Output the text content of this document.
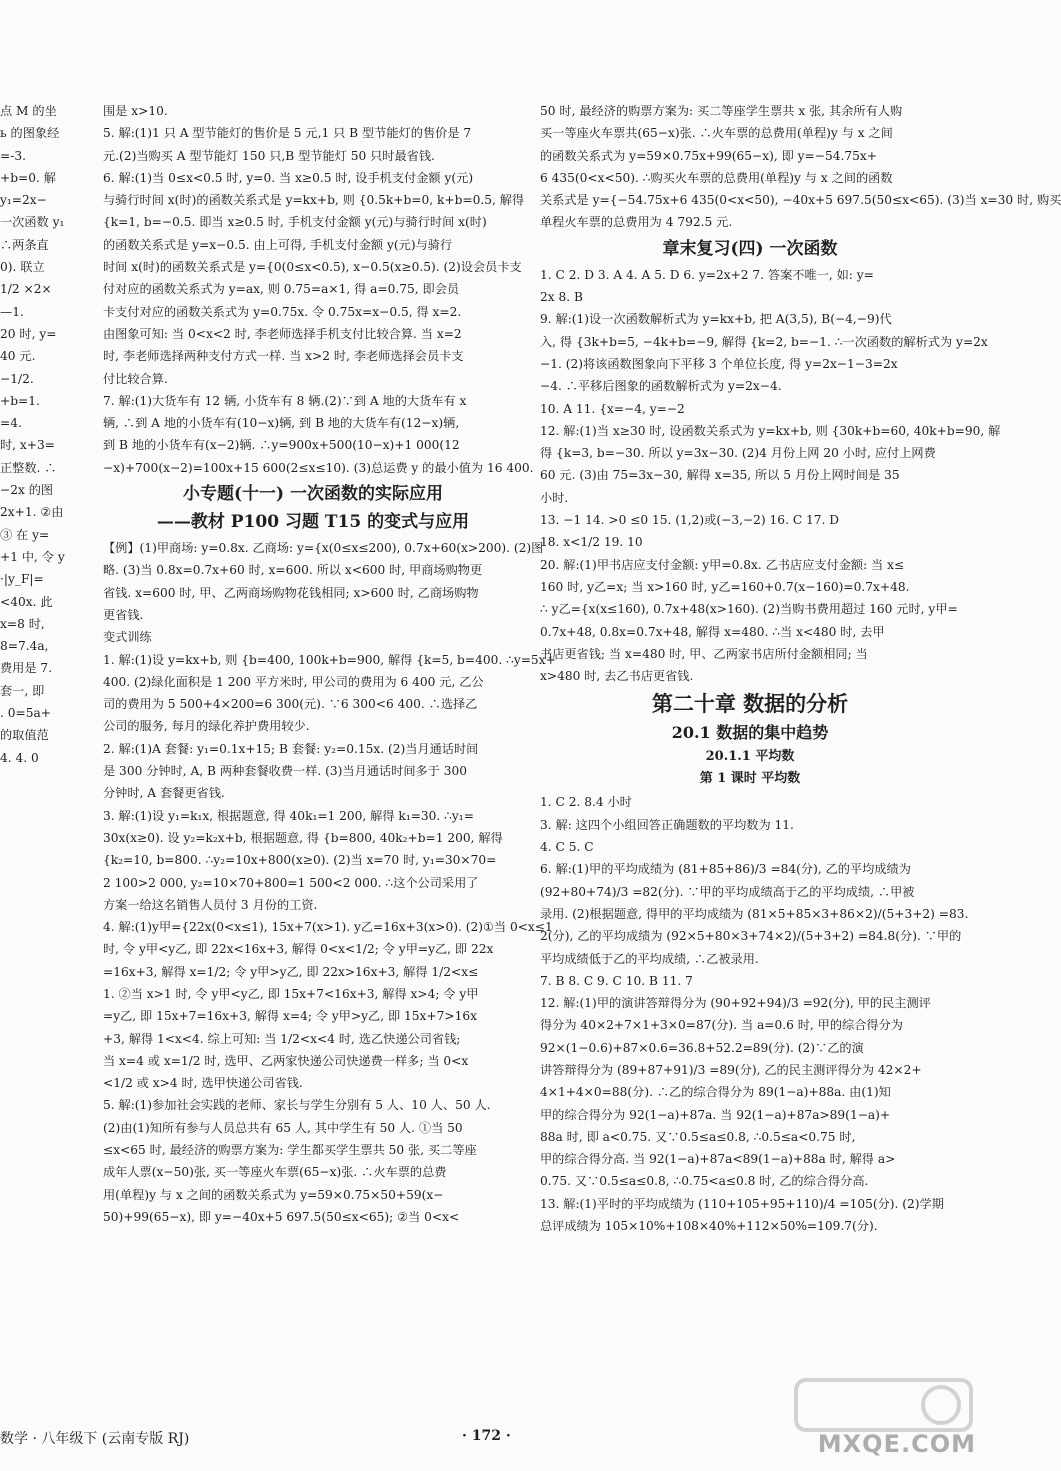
点 M 的坐

ь 的图象经

=-3.

+b=0. 解

y₁=2x−

一次函数 y₁

∴两条直

0). 联立

1/2 ×2×

—1.

20 时, y=

40 元.

−1/2.

+b=1.

=4.

时, x+3=

正整数. ∴

−2x 的图

2x+1. ②由

③ 在 y=

+1 中, 令 y

·|y_F|=

<40x. 此

x=8 时,

8=7.4a,

费用是 7.

套一, 即

. 0=5a+

的取值范

4. 4. 0

围是 x>10.

5. 解:(1)1 只 A 型节能灯的售价是 5 元,1 只 B 型节能灯的售价是 7

元.(2)当购买 A 型节能灯 150 只,B 型节能灯 50 只时最省钱.

6. 解:(1)当 0≤x<0.5 时, y=0. 当 x≥0.5 时, 设手机支付金额 y(元)

与骑行时间 x(时)的函数关系式是 y=kx+b, 则 {0.5k+b=0, k+b=0.5, 解得

{k=1, b=−0.5. 即当 x≥0.5 时, 手机支付金额 y(元)与骑行时间 x(时)

的函数关系式是 y=x−0.5. 由上可得, 手机支付金额 y(元)与骑行

时间 x(时)的函数关系式是 y={0(0≤x<0.5), x−0.5(x≥0.5). (2)设会员卡支

付对应的函数关系式为 y=ax, 则 0.75=a×1, 得 a=0.75, 即会员

卡支付对应的函数关系式为 y=0.75x. 令 0.75x=x−0.5, 得 x=2.

由图象可知: 当 0<x<2 时, 李老师选择手机支付比较合算. 当 x=2

时, 李老师选择两种支付方式一样. 当 x>2 时, 李老师选择会员卡支

付比较合算.

7. 解:(1)大货车有 12 辆, 小货车有 8 辆.(2)∵到 A 地的大货车有 x

辆, ∴到 A 地的小货车有(10−x)辆, 到 B 地的大货车有(12−x)辆,

到 B 地的小货车有(x−2)辆. ∴y=900x+500(10−x)+1 000(12

−x)+700(x−2)=100x+15 600(2≤x≤10). (3)总运费 y 的最小值为 16 400.

小专题(十一) 一次函数的实际应用

——教材 P100 习题 T15 的变式与应用

【例】(1)甲商场: y=0.8x. 乙商场: y={x(0≤x≤200), 0.7x+60(x>200). (2)图

略. (3)当 0.8x=0.7x+60 时, x=600. 所以 x<600 时, 甲商场购物更

省钱. x=600 时, 甲、乙两商场购物花钱相同; x>600 时, 乙商场购物

更省钱.

变式训练

1. 解:(1)设 y=kx+b, 则 {b=400, 100k+b=900, 解得 {k=5, b=400. ∴y=5x+

400. (2)绿化面积是 1 200 平方米时, 甲公司的费用为 6 400 元, 乙公

司的费用为 5 500+4×200=6 300(元). ∵6 300<6 400. ∴选择乙

公司的服务, 每月的绿化养护费用较少.

2. 解:(1)A 套餐: y₁=0.1x+15; B 套餐: y₂=0.15x. (2)当月通话时间

是 300 分钟时, A, B 两种套餐收费一样. (3)当月通话时间多于 300

分钟时, A 套餐更省钱.

3. 解:(1)设 y₁=k₁x, 根据题意, 得 40k₁=1 200, 解得 k₁=30. ∴y₁=

30x(x≥0). 设 y₂=k₂x+b, 根据题意, 得 {b=800, 40k₂+b=1 200, 解得

{k₂=10, b=800. ∴y₂=10x+800(x≥0). (2)当 x=70 时, y₁=30×70=

2 100>2 000, y₂=10×70+800=1 500<2 000. ∴这个公司采用了

方案一给这名销售人员付 3 月份的工资.

4. 解:(1)y甲={22x(0<x≤1), 15x+7(x>1). y乙=16x+3(x>0). (2)①当 0<x≤1

时, 令 y甲<y乙, 即 22x<16x+3, 解得 0<x<1/2; 令 y甲=y乙, 即 22x

=16x+3, 解得 x=1/2; 令 y甲>y乙, 即 22x>16x+3, 解得 1/2<x≤

1. ②当 x>1 时, 令 y甲<y乙, 即 15x+7<16x+3, 解得 x>4; 令 y甲

=y乙, 即 15x+7=16x+3, 解得 x=4; 令 y甲>y乙, 即 15x+7>16x

+3, 解得 1<x<4. 综上可知: 当 1/2<x<4 时, 选乙快递公司省钱;

当 x=4 或 x=1/2 时, 选甲、乙两家快递公司快递费一样多; 当 0<x

<1/2 或 x>4 时, 选甲快递公司省钱.

5. 解:(1)参加社会实践的老师、家长与学生分别有 5 人、10 人、50 人.

(2)由(1)知所有参与人员总共有 65 人, 其中学生有 50 人. ①当 50

≤x<65 时, 最经济的购票方案为: 学生都买学生票共 50 张, 买二等座

成年人票(x−50)张, 买一等座火车票(65−x)张. ∴火车票的总费

用(单程)y 与 x 之间的函数关系式为 y=59×0.75×50+59(x−

50)+99(65−x), 即 y=−40x+5 697.5(50≤x<65); ②当 0<x<

50 时, 最经济的购票方案为: 买二等座学生票共 x 张, 其余所有人购

买一等座火车票共(65−x)张. ∴火车票的总费用(单程)y 与 x 之间

的函数关系式为 y=59×0.75x+99(65−x), 即 y=−54.75x+

6 435(0<x<50). ∴购买火车票的总费用(单程)y 与 x 之间的函数

关系式是 y={−54.75x+6 435(0<x<50), −40x+5 697.5(50≤x<65). (3)当 x=30 时, 购买

单程火车票的总费用为 4 792.5 元.

章末复习(四) 一次函数

1. C 2. D 3. A 4. A 5. D 6. y=2x+2 7. 答案不唯一, 如: y=

2x 8. B

9. 解:(1)设一次函数解析式为 y=kx+b, 把 A(3,5), B(−4,−9)代

入, 得 {3k+b=5, −4k+b=−9, 解得 {k=2, b=−1. ∴一次函数的解析式为 y=2x

−1. (2)将该函数图象向下平移 3 个单位长度, 得 y=2x−1−3=2x

−4. ∴平移后图象的函数解析式为 y=2x−4.

10. A 11. {x=−4, y=−2

12. 解:(1)当 x≥30 时, 设函数关系式为 y=kx+b, 则 {30k+b=60, 40k+b=90, 解

得 {k=3, b=−30. 所以 y=3x−30. (2)4 月份上网 20 小时, 应付上网费

60 元. (3)由 75=3x−30, 解得 x=35, 所以 5 月份上网时间是 35

小时.

13. −1 14. >0 ≤0 15. (1,2)或(−3,−2) 16. C 17. D

18. x<1/2 19. 10

20. 解:(1)甲书店应支付金额: y甲=0.8x. 乙书店应支付金额: 当 x≤

160 时, y乙=x; 当 x>160 时, y乙=160+0.7(x−160)=0.7x+48.

∴ y乙={x(x≤160), 0.7x+48(x>160). (2)当购书费用超过 160 元时, y甲=

0.7x+48, 0.8x=0.7x+48, 解得 x=480. ∴当 x<480 时, 去甲

书店更省钱; 当 x=480 时, 甲、乙两家书店所付金额相同; 当

x>480 时, 去乙书店更省钱.

第二十章 数据的分析

20.1 数据的集中趋势

20.1.1 平均数

第 1 课时 平均数

1. C 2. 8.4 小时

3. 解: 这四个小组回答正确题数的平均数为 11.

4. C 5. C

6. 解:(1)甲的平均成绩为 (81+85+86)/3 =84(分), 乙的平均成绩为

(92+80+74)/3 =82(分). ∵甲的平均成绩高于乙的平均成绩, ∴甲被

录用. (2)根据题意, 得甲的平均成绩为 (81×5+85×3+86×2)/(5+3+2) =83.

2(分), 乙的平均成绩为 (92×5+80×3+74×2)/(5+3+2) =84.8(分). ∵甲的

平均成绩低于乙的平均成绩, ∴乙被录用.

7. B 8. C 9. C 10. B 11. 7

12. 解:(1)甲的演讲答辩得分为 (90+92+94)/3 =92(分), 甲的民主测评

得分为 40×2+7×1+3×0=87(分). 当 a=0.6 时, 甲的综合得分为

92×(1−0.6)+87×0.6=36.8+52.2=89(分). (2)∵乙的演

讲答辩得分为 (89+87+91)/3 =89(分), 乙的民主测评得分为 42×2+

4×1+4×0=88(分). ∴乙的综合得分为 89(1−a)+88a. 由(1)知

甲的综合得分为 92(1−a)+87a. 当 92(1−a)+87a>89(1−a)+

88a 时, 即 a<0.75. 又∵0.5≤a≤0.8, ∴0.5≤a<0.75 时,

甲的综合得分高. 当 92(1−a)+87a<89(1−a)+88a 时, 解得 a>

0.75. 又∵0.5≤a≤0.8, ∴0.75<a≤0.8 时, 乙的综合得分高.

13. 解:(1)平时的平均成绩为 (110+105+95+110)/4 =105(分). (2)学期

总评成绩为 105×10%+108×40%+112×50%=109.7(分).

数学 · 八年级下 (云南专版 RJ)	· 172 ·	MXQE.COM
